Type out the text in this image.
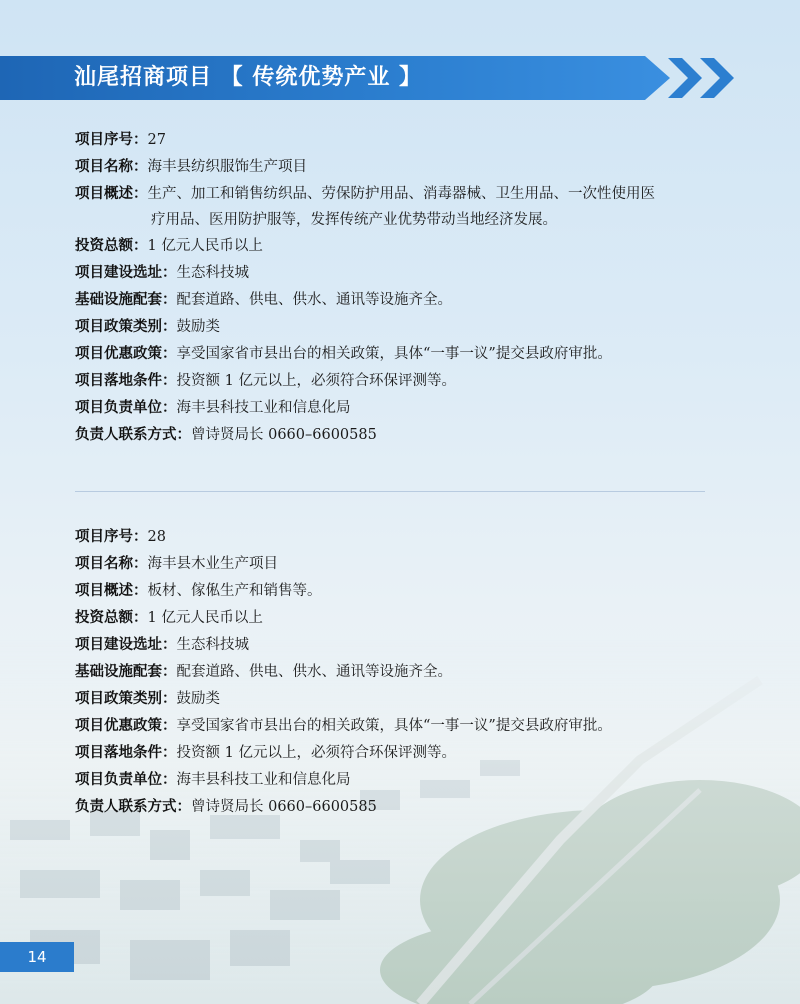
汕尾招商项目 【 传统优势产业 】

项目序号：27

项目名称：海丰县纺织服饰生产项目

项目概述：生产、加工和销售纺织品、劳保防护用品、消毒器械、卫生用品、一次性使用医
疗用品、医用防护服等，发挥传统产业优势带动当地经济发展。

投资总额：1 亿元人民币以上

项目建设选址：生态科技城

基础设施配套：配套道路、供电、供水、通讯等设施齐全。

项目政策类别：鼓励类

项目优惠政策：享受国家省市县出台的相关政策，具体“一事一议”提交县政府审批。

项目落地条件：投资额 1 亿元以上，必须符合环保评测等。

项目负责单位：海丰县科技工业和信息化局

负责人联系方式：曾诗贤局长 0660–6600585

项目序号：28

项目名称：海丰县木业生产项目

项目概述：板材、傢俬生产和销售等。

投资总额：1 亿元人民币以上

项目建设选址：生态科技城

基础设施配套：配套道路、供电、供水、通讯等设施齐全。

项目政策类别：鼓励类

项目优惠政策：享受国家省市县出台的相关政策，具体“一事一议”提交县政府审批。

项目落地条件：投资额 1 亿元以上，必须符合环保评测等。

项目负责单位：海丰县科技工业和信息化局

负责人联系方式：曾诗贤局长 0660–6600585

14
